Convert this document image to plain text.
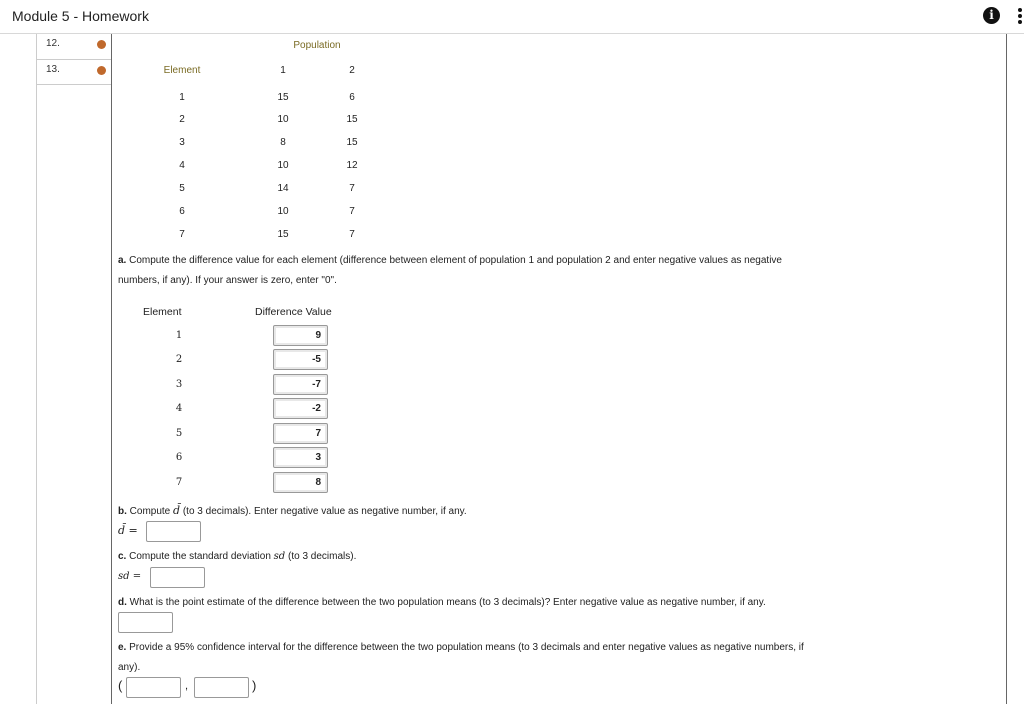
Module 5 - Homework	i
12.
13.
Population
Element	1	2
1	15	6
2	10	15
3	8	15
4	10	12
5	14	7
6	10	7
7	15	7
a. Compute the difference value for each element (difference between element of population 1 and population 2 and enter negative values as negative
numbers, if any). If your answer is zero, enter "0".
Element	Difference Value
1	9
2	-5
3	-7
4	-2
5	7
6	3
7	8
b. Compute d̄ (to 3 decimals). Enter negative value as negative number, if any.
d̄ =
c. Compute the standard deviation sd (to 3 decimals).
sd =
d. What is the point estimate of the difference between the two population means (to 3 decimals)? Enter negative value as negative number, if any.
e. Provide a 95% confidence interval for the difference between the two population means (to 3 decimals and enter negative values as negative numbers, if
any).
(	,	)
